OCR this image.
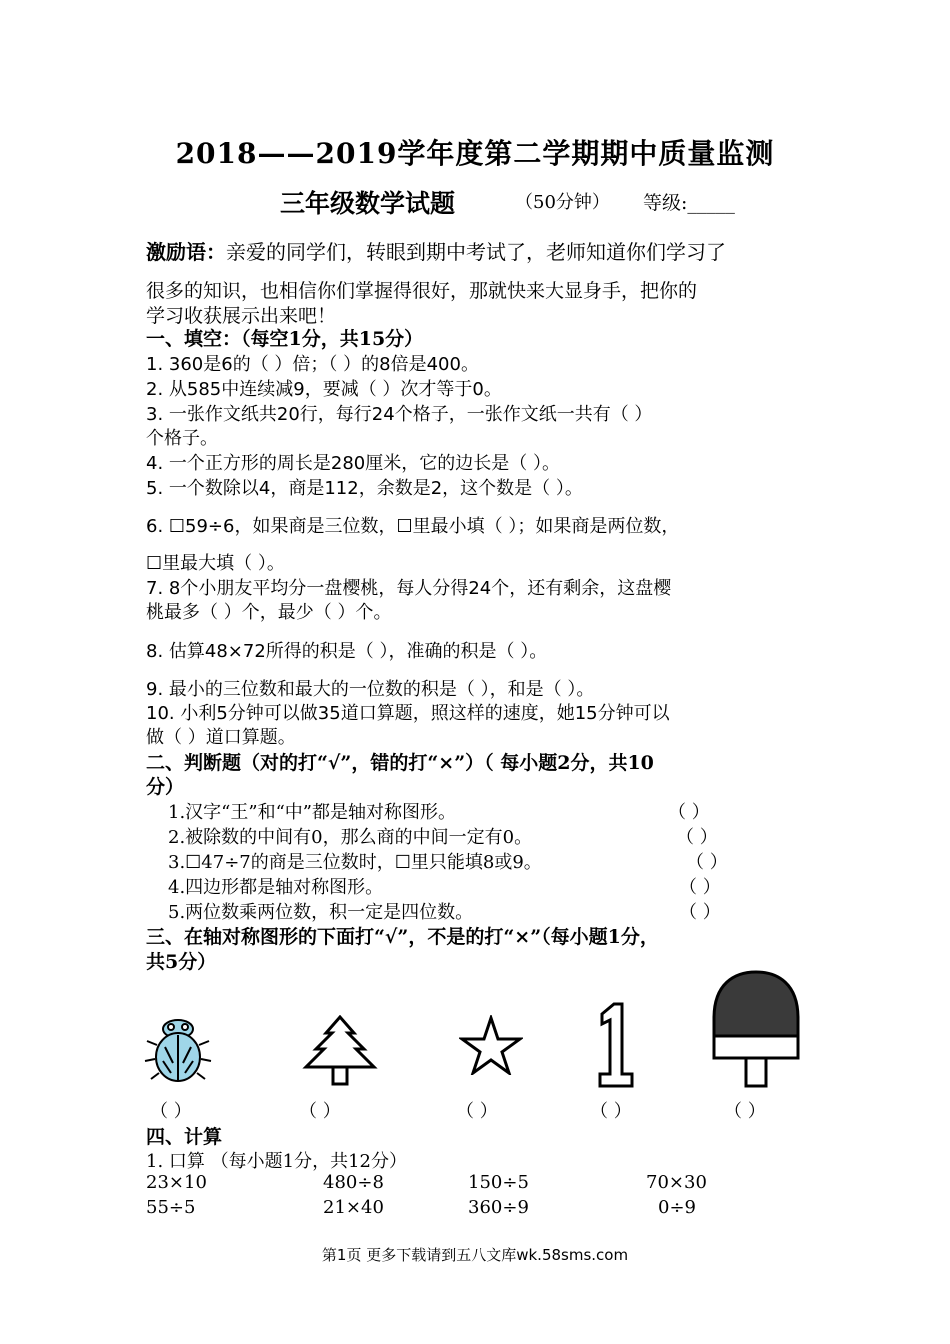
2018——2019学年度第二学期期中质量监测
三年级数学试题	（50分钟） 等级:_____
激励语：亲爱的同学们，转眼到期中考试了，老师知道你们学习了
很多的知识，也相信你们掌握得很好，那就快来大显身手，把你的
学习收获展示出来吧！
一、填空：（每空1分，共15分）
1. 360是6的（ ）倍；（ ）的8倍是400。
2. 从585中连续减9，要减（ ）次才等于0。
3. 一张作文纸共20行，每行24个格子，一张作文纸一共有（ ）
个格子。
4. 一个正方形的周长是280厘米，它的边长是（ ）。
5. 一个数除以4，商是112，余数是2，这个数是（ ）。
6. ☐59÷6，如果商是三位数，☐里最小填（ ）；如果商是两位数，
☐里最大填（ ）。
7. 8个小朋友平均分一盘樱桃，每人分得24个，还有剩余，这盘樱
桃最多（ ）个，最少（ ）个。
8. 估算48×72所得的积是（ ），准确的积是（ ）。
9. 最小的三位数和最大的一位数的积是（ ），和是（ ）。
10. 小利5分钟可以做35道口算题，照这样的速度，她15分钟可以
做（ ）道口算题。
二、判断题（对的打“√”，错的打“×”）（ 每小题2分，共10
分）
1.汉字“王”和“中”都是轴对称图形。	（ ）
2.被除数的中间有0，那么商的中间一定有0。	（ ）
3.☐47÷7的商是三位数时，☐里只能填8或9。	（ ）
4.四边形都是轴对称图形。	（ ）
5.两位数乘两位数，积一定是四位数。	（ ）
三、在轴对称图形的下面打“√”，不是的打“×”（每小题1分，
共5分）
（ ）	（ ）	（ ）	（ ）	（ ）
四、计算
1. 口算 （每小题1分，共12分）
23×10	480÷8	150÷5	70×30
55÷5	21×40	360÷9	0÷9
第1页 更多下载请到五八文库wk.58sms.com
